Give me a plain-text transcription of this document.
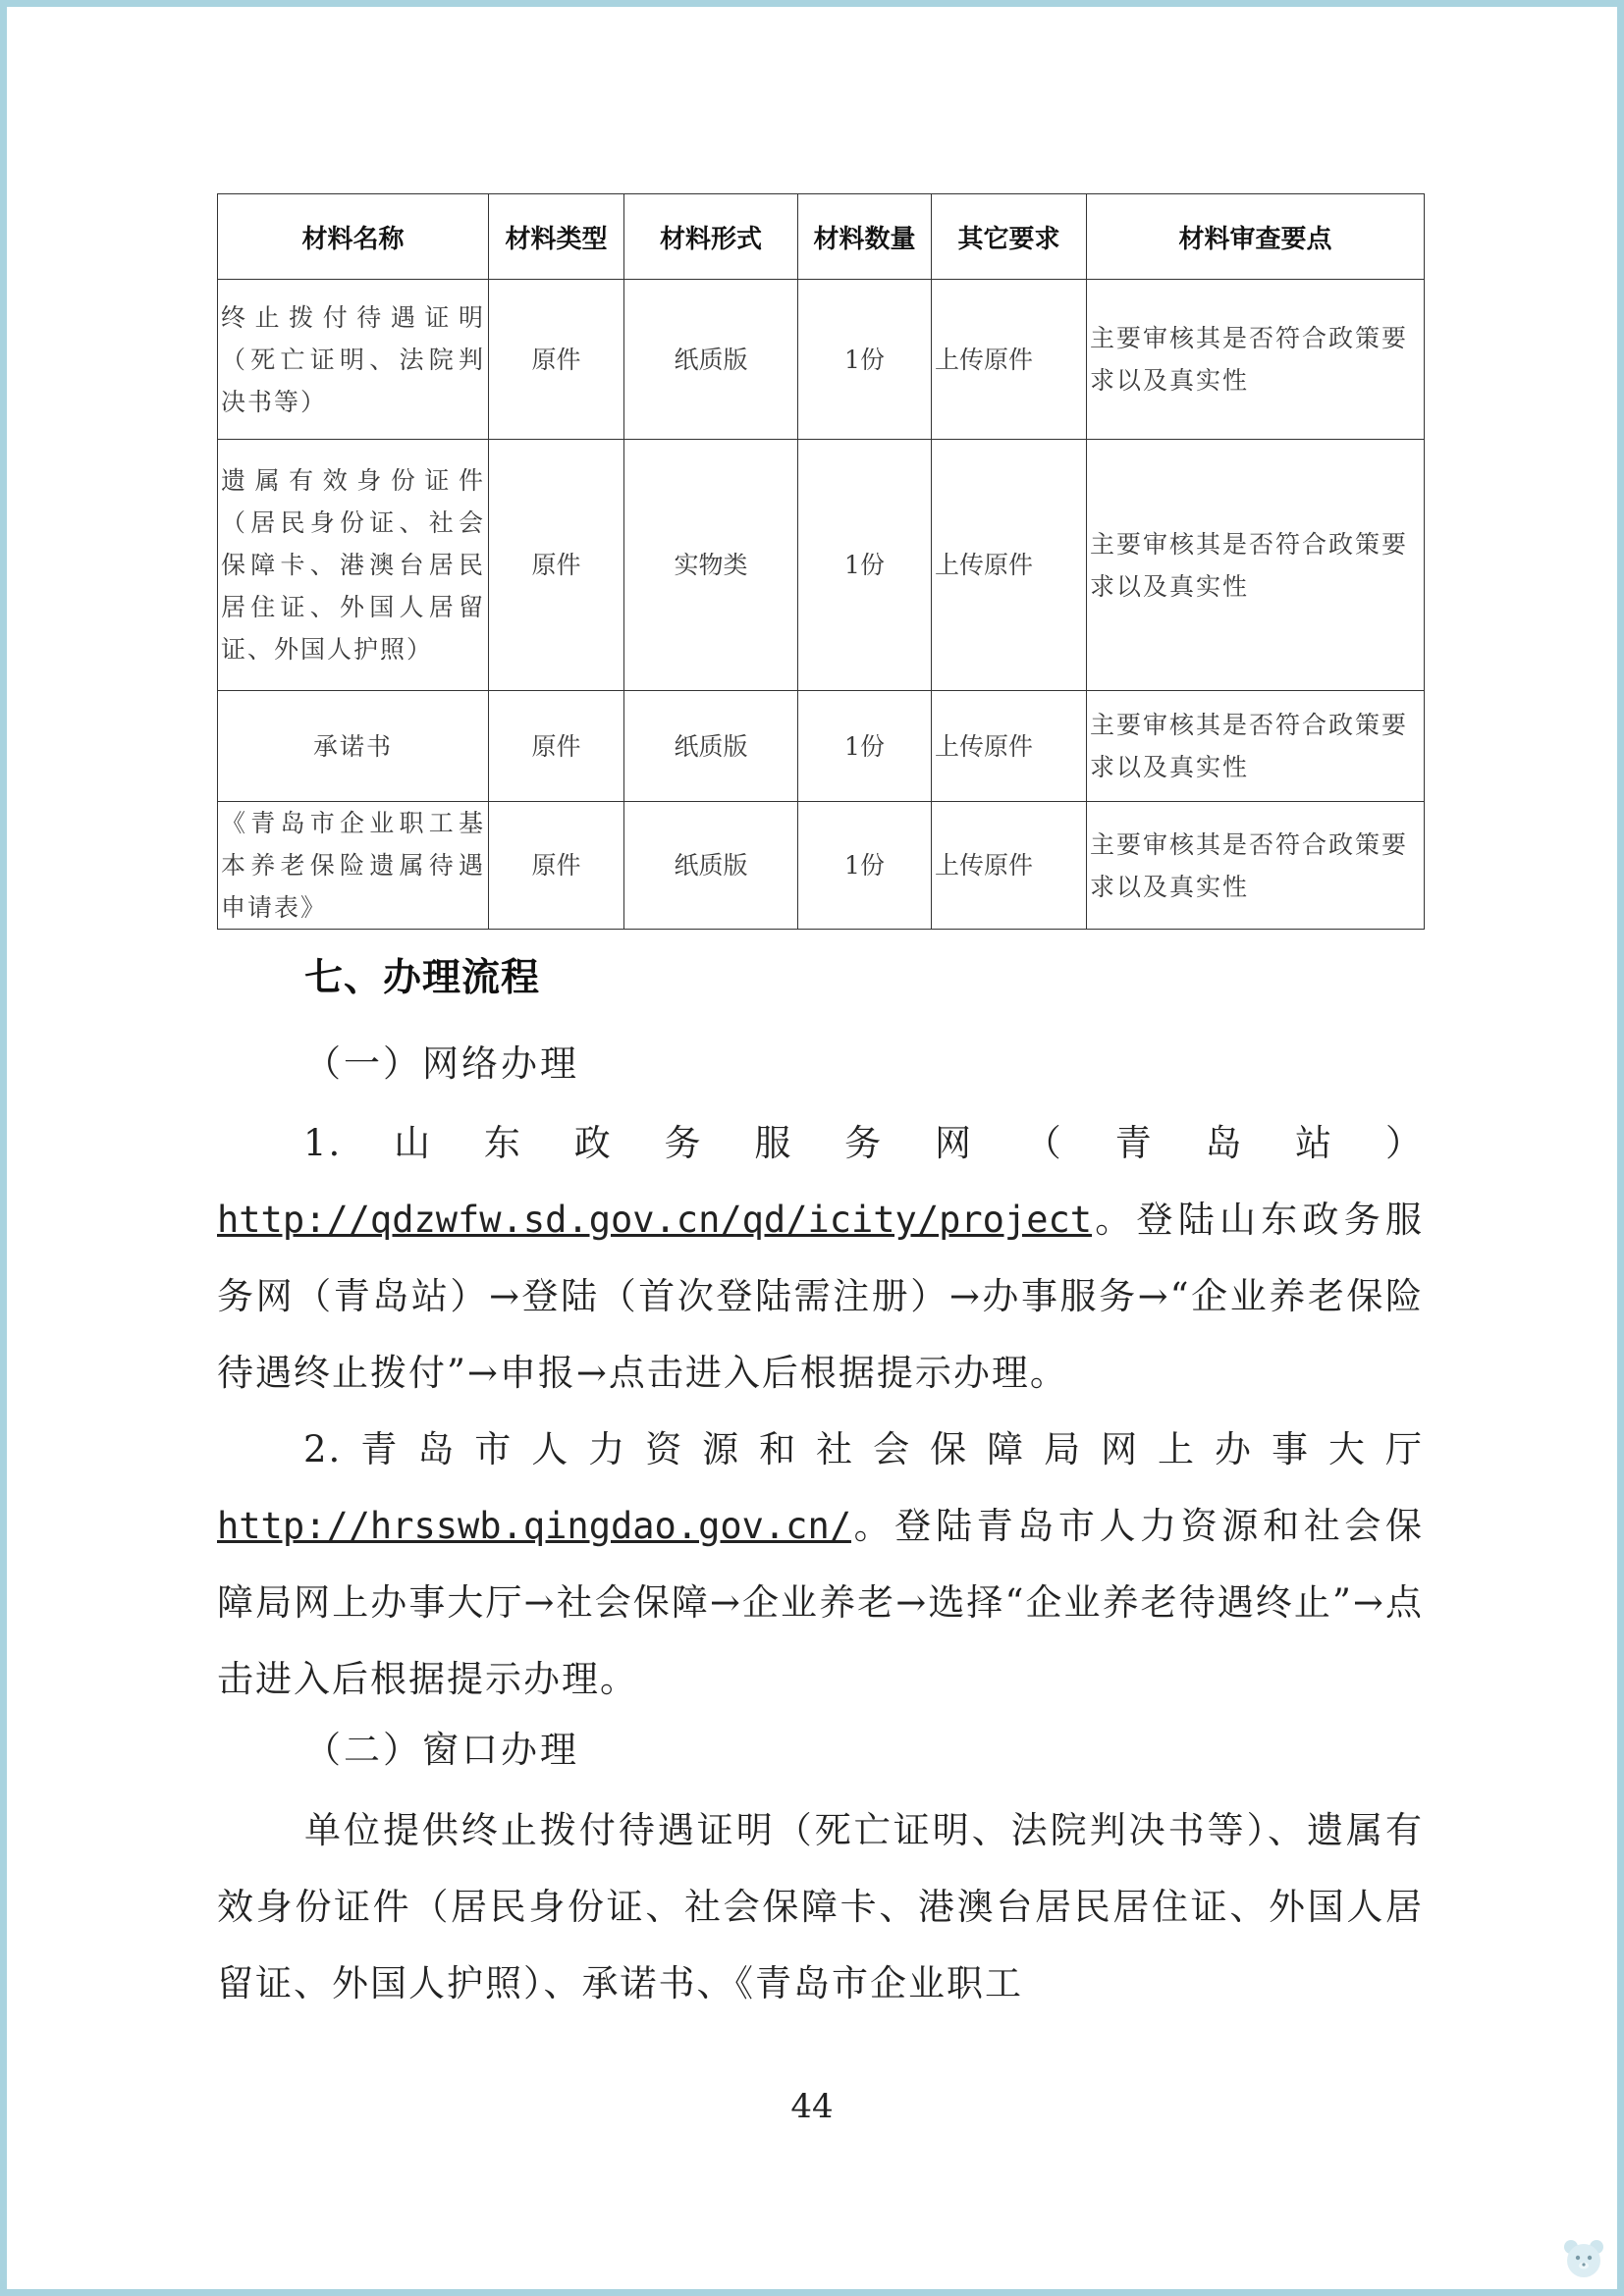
材料名称	材料类型	材料形式	材料数量	其它要求	材料审查要点
终止拨付待遇证明（死亡证明、法院判决书等）	原件	纸质版	1份	上传原件	主要审核其是否符合政策要求以及真实性
遗属有效身份证件（居民身份证、社会保障卡、港澳台居民居住证、外国人居留证、外国人护照）	原件	实物类	1份	上传原件	主要审核其是否符合政策要求以及真实性
承诺书	原件	纸质版	1份	上传原件	主要审核其是否符合政策要求以及真实性
《青岛市企业职工基本养老保险遗属待遇申请表》	原件	纸质版	1份	上传原件	主要审核其是否符合政策要求以及真实性
七、办理流程

（一）网络办理

1.山东政务服务网（青岛站）http://qdzwfw.sd.gov.cn/qd/icity/project。登陆山东政务服务网（青岛站）→登陆（首次登陆需注册）→办事服务→“企业养老保险待遇终止拨付”→申报→点击进入后根据提示办理。

2.青岛市人力资源和社会保障局网上办事大厅http://hrsswb.qingdao.gov.cn/。登陆青岛市人力资源和社会保障局网上办事大厅→社会保障→企业养老→选择“企业养老待遇终止”→点击进入后根据提示办理。

（二）窗口办理

单位提供终止拨付待遇证明（死亡证明、法院判决书等）、遗属有效身份证件（居民身份证、社会保障卡、港澳台居民居住证、外国人居留证、外国人护照）、承诺书、《青岛市企业职工

44
